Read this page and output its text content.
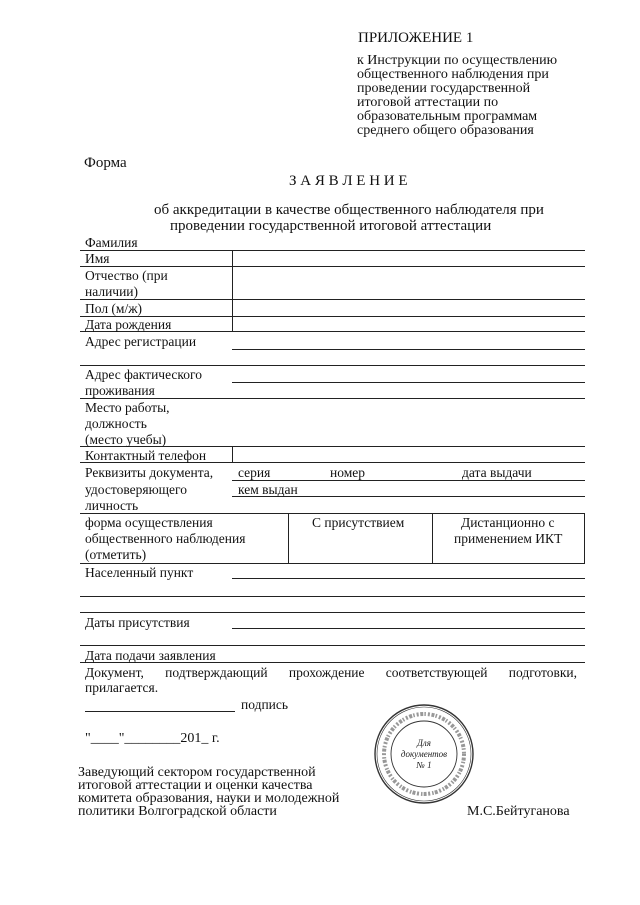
ПРИЛОЖЕНИЕ 1
к Инструкции по осуществлению
общественного наблюдения при
проведении государственной
итоговой аттестации по
образовательным программам
среднего общего образования
Форма
З А Я В Л Е Н И Е
об аккредитации в качестве общественного наблюдателя при
проведении государственной итоговой аттестации
Фамилия
Имя
Отчество (при
наличии)
Пол (м/ж)
Дата рождения
Адрес регистрации
Адрес фактического
проживания
Место работы,
должность
(место учебы)
Контактный телефон
Реквизиты документа,
удостоверяющего
личность
серия	номер	дата выдачи
кем выдан
форма осуществления
общественного наблюдения
(отметить)
С присутствием	Дистанционно с
применением ИКТ
Населенный пункт
Даты присутствия
Дата подачи заявления
Документ, подтверждающий прохождение соответствующей подготовки,
прилагается.
подпись
"____"________201_ г.
Заведующий сектором государственной
итоговой аттестации и оценки качества
комитета образования, науки и молодежной
политики Волгоградской области	М.С.Бейтуганова
Для
документов
№ 1
